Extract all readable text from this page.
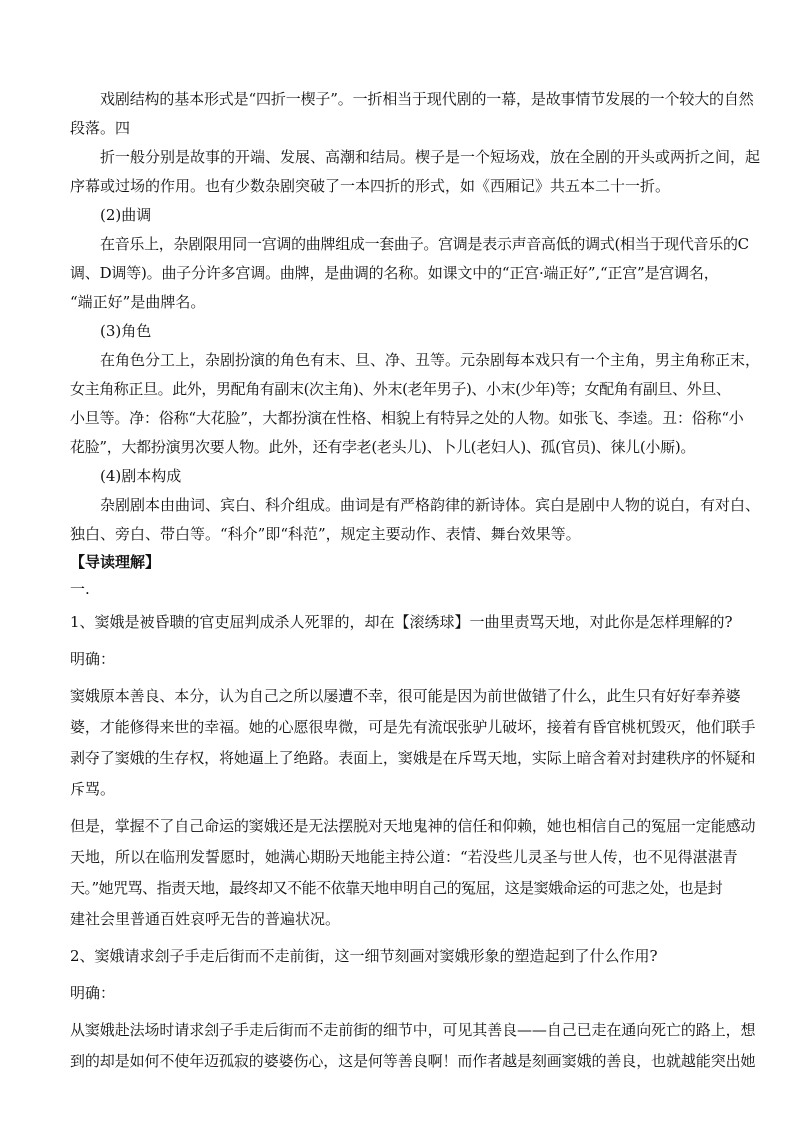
戏剧结构的基本形式是“四折一楔子”。一折相当于现代剧的一幕，是故事情节发展的一个较大的自然
段落。四
折一般分别是故事的开端、发展、高潮和结局。楔子是一个短场戏，放在全剧的开头或两折之间，起
序幕或过场的作用。也有少数杂剧突破了一本四折的形式，如《西厢记》共五本二十一折。
(2)曲调
在音乐上，杂剧限用同一宫调的曲牌组成一套曲子。宫调是表示声音高低的调式(相当于现代音乐的C
调、D调等)。曲子分许多宫调。曲牌，是曲调的名称。如课文中的“正宫·端正好”,“正宫”是宫调名，
“端正好”是曲牌名。
(3)角色
在角色分工上，杂剧扮演的角色有末、旦、净、丑等。元杂剧每本戏只有一个主角，男主角称正末，
女主角称正旦。此外，男配角有副末(次主角)、外末(老年男子)、小末(少年)等；女配角有副旦、外旦、
小旦等。净：俗称“大花脸”，大都扮演在性格、相貌上有特异之处的人物。如张飞、李逵。丑：俗称“小
花脸”，大都扮演男次要人物。此外，还有孛老(老头儿)、卜儿(老妇人)、孤(官员)、徕儿(小厮)。
(4)剧本构成
杂剧剧本由曲词、宾白、科介组成。曲词是有严格韵律的新诗体。宾白是剧中人物的说白，有对白、
独白、旁白、带白等。“科介”即“科范”，规定主要动作、表情、舞台效果等。
【导读理解】
一.
1、窦娥是被昏聩的官吏屈判成杀人死罪的，却在【滚绣球】一曲里责骂天地，对此你是怎样理解的?
明确：
窦娥原本善良、本分，认为自己之所以屡遭不幸，很可能是因为前世做错了什么，此生只有好好奉养婆
婆，才能修得来世的幸福。她的心愿很卑微，可是先有流氓张驴儿破坏，接着有昏官桃杌毁灭，他们联手
剥夺了窦娥的生存权，将她逼上了绝路。表面上，窦娥是在斥骂天地，实际上暗含着对封建秩序的怀疑和
斥骂。
但是，掌握不了自己命运的窦娥还是无法摆脱对天地鬼神的信任和仰赖，她也相信自己的冤屈一定能感动
天地，所以在临刑发誓愿时，她满心期盼天地能主持公道：“若没些儿灵圣与世人传，也不见得湛湛青
天。”她咒骂、指责天地，最终却又不能不依靠天地申明自己的冤屈，这是窦娥命运的可悲之处，也是封
建社会里普通百姓哀呼无告的普遍状况。
2、窦娥请求刽子手走后街而不走前街，这一细节刻画对窦娥形象的塑造起到了什么作用?
明确：
从窦娥赴法场时请求刽子手走后街而不走前街的细节中，可见其善良——自己已走在通向死亡的路上，想
到的却是如何不使年迈孤寂的婆婆伤心，这是何等善良啊！而作者越是刻画窦娥的善良，也就越能突出她
